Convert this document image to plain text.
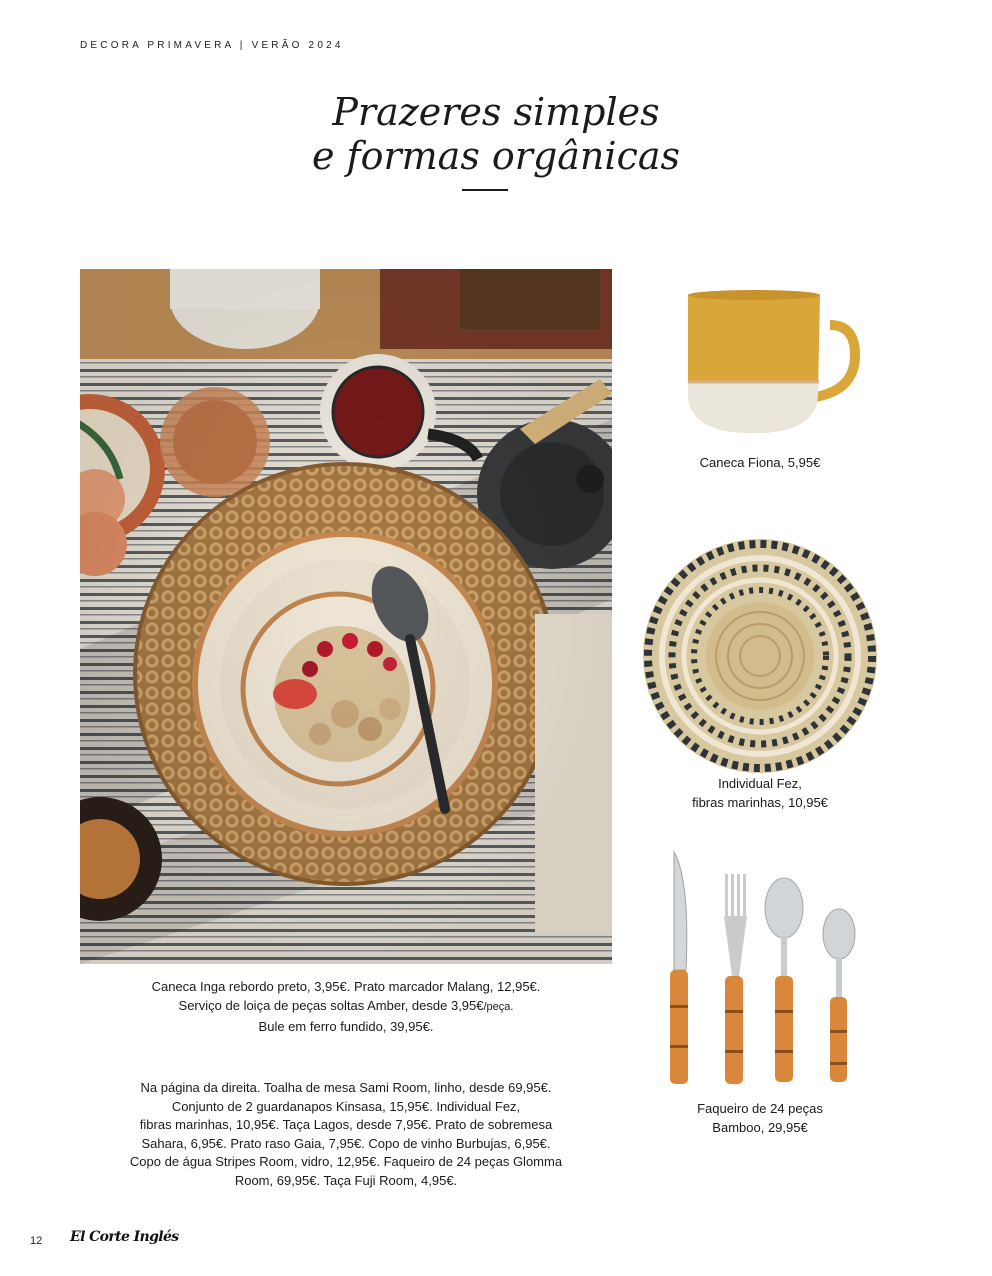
DECORA PRIMAVERA | VERÃO 2024
Prazeres simples
e formas orgânicas
Caneca Inga rebordo preto, 3,95€. Prato marcador Malang, 12,95€.
Serviço de loiça de peças soltas Amber, desde 3,95€/peça.
Bule em ferro fundido, 39,95€.
Na página da direita. Toalha de mesa Sami Room, linho, desde 69,95€.
Conjunto de 2 guardanapos Kinsasa, 15,95€. Individual Fez,
fibras marinhas, 10,95€. Taça Lagos, desde 7,95€. Prato de sobremesa
Sahara, 6,95€. Prato raso Gaia, 7,95€. Copo de vinho Burbujas, 6,95€.
Copo de água Stripes Room, vidro, 12,95€. Faqueiro de 24 peças Glomma
Room, 69,95€. Taça Fuji Room, 4,95€.
Caneca Fiona, 5,95€
Individual Fez,
fibras marinhas, 10,95€
Faqueiro de 24 peças
Bamboo, 29,95€
12 El Corte Inglés
